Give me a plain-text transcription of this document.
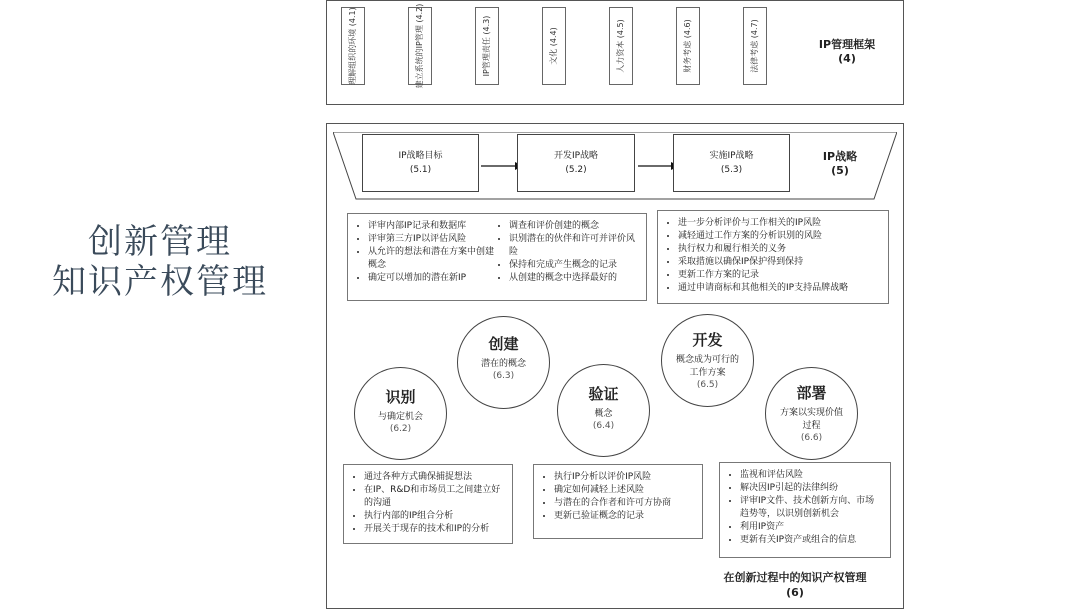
创新管理
知识产权管理
理解组织的环境 (4.1)
建立系统的IP管理 (4.2)
IP管理责任 (4.3)
文化 (4.4)
人力资本 (4.5)
财务考虑 (4.6)
法律考虑 (4.7)
IP管理框架
(4)
IP战略目标
(5.1)
开发IP战略
(5.2)
实施IP战略
(5.3)
IP战略
(5)
• 评审内部IP记录和数据库
• 评审第三方IP以评估风险
• 从允许的想法和潜在方案中创建概念
• 确定可以增加的潜在新IP
• 调查和评价创建的概念
• 识别潜在的伙伴和许可并评价风险
• 保持和完成产生概念的记录
• 从创建的概念中选择最好的
• 进一步分析评价与工作相关的IP风险
• 减轻通过工作方案的分析识别的风险
• 执行权力和履行相关的义务
• 采取措施以确保IP保护得到保持
• 更新工作方案的记录
• 通过申请商标和其他相关的IP支持品牌战略
识别
与确定机会
(6.2)
创建
潜在的概念
(6.3)
验证
概念
(6.4)
开发
概念成为可行的工作方案
(6.5)	部署
方案以实现价值过程
(6.6)
• 通过各种方式确保捕捉想法
• 在IP、R&D和市场员工之间建立好的沟通
• 执行内部的IP组合分析
• 开展关于现存的技术和IP的分析
• 执行IP分析以评价IP风险
• 确定如何减轻上述风险
• 与潜在的合作者和许可方协商
• 更新已验证概念的记录
• 监视和评估风险
• 解决因IP引起的法律纠纷
• 评审IP文件、技术创新方向、市场趋势等，以识别创新机会
• 利用IP资产
• 更新有关IP资产或组合的信息
在创新过程中的知识产权管理
(6)
